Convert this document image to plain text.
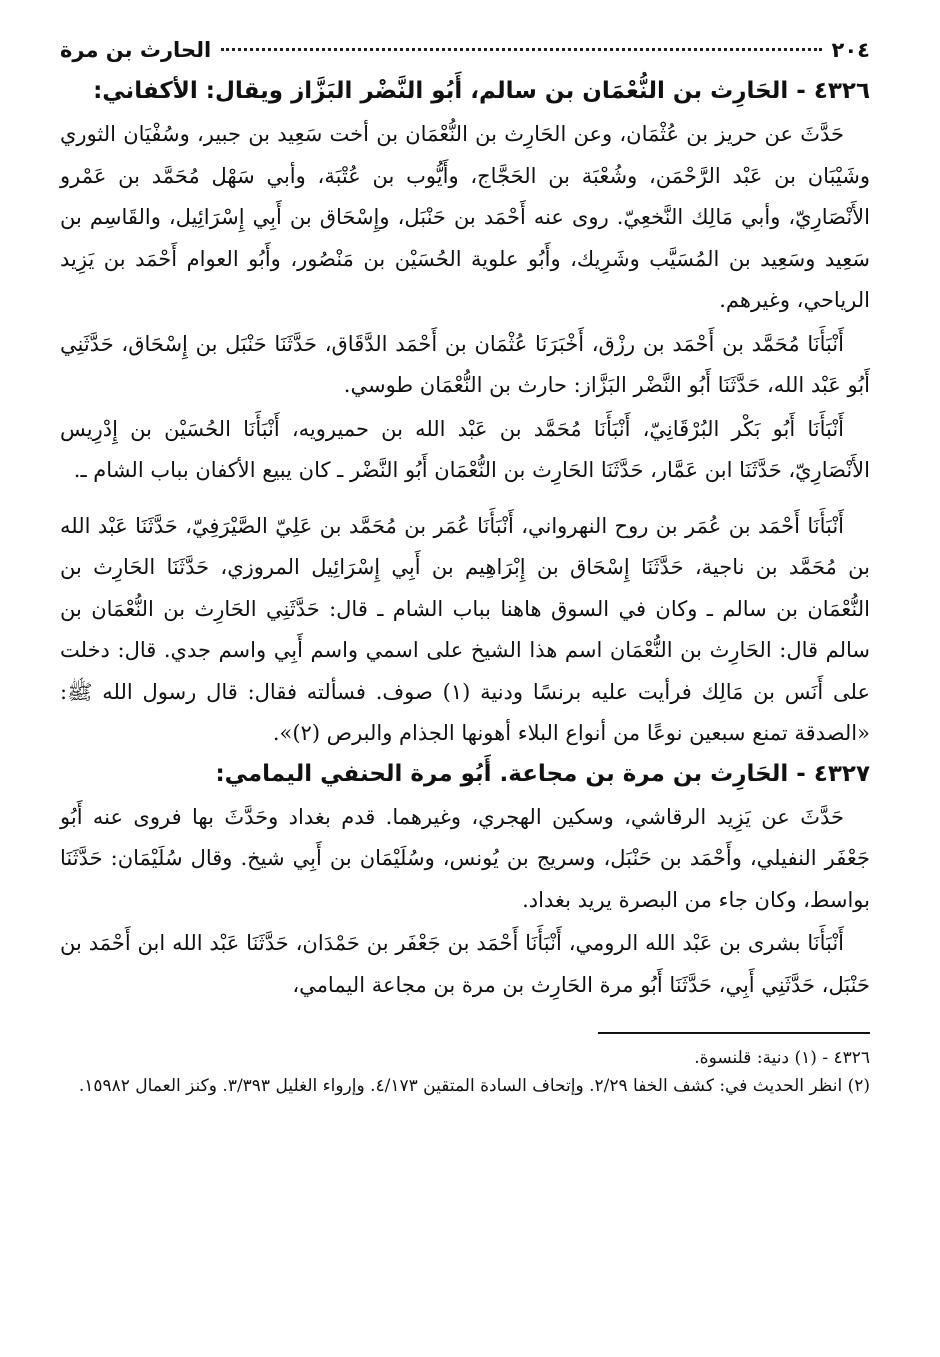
٢٠٤
الحارث بن مرة
٤٣٢٦ -الحَارِث بن النُّعْمَان بن سالم، أَبُو النَّضْر البَزَّاز ويقال: الأكفاني:

حَدَّثَ عن حريز بن عُثْمَان، وعن الحَارِث بن النُّعْمَان بن أخت سَعِيد بن جبير، وسُفْيَان الثوري وشَيْبَان بن عَبْد الرَّحْمَن، وشُعْبَة بن الحَجَّاج، وأَيُّوب بن عُتْبَة، وأبي سَهْل مُحَمَّد بن عَمْرو الأَنْصَارِيّ، وأبي مَالِك النَّخعِيّ. روى عنه أَحْمَد بن حَنْبَل، وإِسْحَاق بن أَبِي إِسْرَائِيل، والقَاسِم بن سَعِيد وسَعِيد بن المُسَيَّب وشَرِيك، وأَبُو علوية الحُسَيْن بن مَنْصُور، وأَبُو العوام أَحْمَد بن يَزِيد الرياحي، وغيرهم.

أَنْبَأَنَا مُحَمَّد بن أَحْمَد بن رزْق، أَخْبَرَنَا عُثْمَان بن أَحْمَد الدَّقَاق، حَدَّثَنَا حَنْبَل بن إِسْحَاق، حَدَّثَنِي أَبُو عَبْد الله، حَدَّثَنَا أَبُو النَّضْر البَزَّاز: حارث بن النُّعْمَان طوسي.

أَنْبَأَنَا أَبُو بَكْر البُرْقَانِيّ، أَنْبَأَنَا مُحَمَّد بن عَبْد الله بن حميرويه، أَنْبَأَنَا الحُسَيْن بن إِدْرِيس الأَنْصَارِيّ، حَدَّثَنَا ابن عَمَّار، حَدَّثَنَا الحَارِث بن النُّعْمَان أَبُو النَّضْر ـ كان يبيع الأكفان بباب الشام ـ.

أَنْبَأَنَا أَحْمَد بن عُمَر بن روح النهرواني، أَنْبَأَنَا عُمَر بن مُحَمَّد بن عَلِيّ الصَّيْرَفِيّ، حَدَّثَنَا عَبْد الله بن مُحَمَّد بن ناجية، حَدَّثَنَا إِسْحَاق بن إِبْرَاهِيم بن أَبِي إِسْرَائِيل المروزي، حَدَّثَنَا الحَارِث بن النُّعْمَان بن سالم ـ وكان في السوق هاهنا بباب الشام ـ قال: حَدَّثَنِي الحَارِث بن النُّعْمَان بن سالم قال: الحَارِث بن النُّعْمَان اسم هذا الشيخ على اسمي واسم أَبِي واسم جدي. قال: دخلت على أَنَس بن مَالِك فرأيت عليه برنسًا ودنية (١) صوف. فسألته فقال: قال رسول الله ﷺ: «الصدقة تمنع سبعين نوعًا من أنواع البلاء أهونها الجذام والبرص (٢)».

٤٣٢٧ -الحَارِث بن مرة بن مجاعة. أَبُو مرة الحنفي اليمامي:

حَدَّثَ عن يَزِيد الرقاشي، وسكين الهجري، وغيرهما. قدم بغداد وحَدَّثَ بها فروى عنه أَبُو جَعْفَر النفيلي، وأَحْمَد بن حَنْبَل، وسريج بن يُونس، وسُلَيْمَان بن أَبِي شيخ. وقال سُلَيْمَان: حَدَّثَنَا بواسط، وكان جاء من البصرة يريد بغداد.

أَنْبَأَنَا بشرى بن عَبْد الله الرومي، أَنْبَأَنَا أَحْمَد بن جَعْفَر بن حَمْدَان، حَدَّثَنَا عَبْد الله ابن أَحْمَد بن حَنْبَل، حَدَّثَنِي أَبِي، حَدَّثَنَا أَبُو مرة الحَارِث بن مرة بن مجاعة اليمامي،

٤٣٢٦ - (١) دنية: قلنسوة.

(٢) انظر الحديث في: كشف الخفا ٢/٢٩. وإتحاف السادة المتقين ٤/١٧٣. وإرواء الغليل ٣/٣٩٣. وكنز العمال ١٥٩٨٢.
